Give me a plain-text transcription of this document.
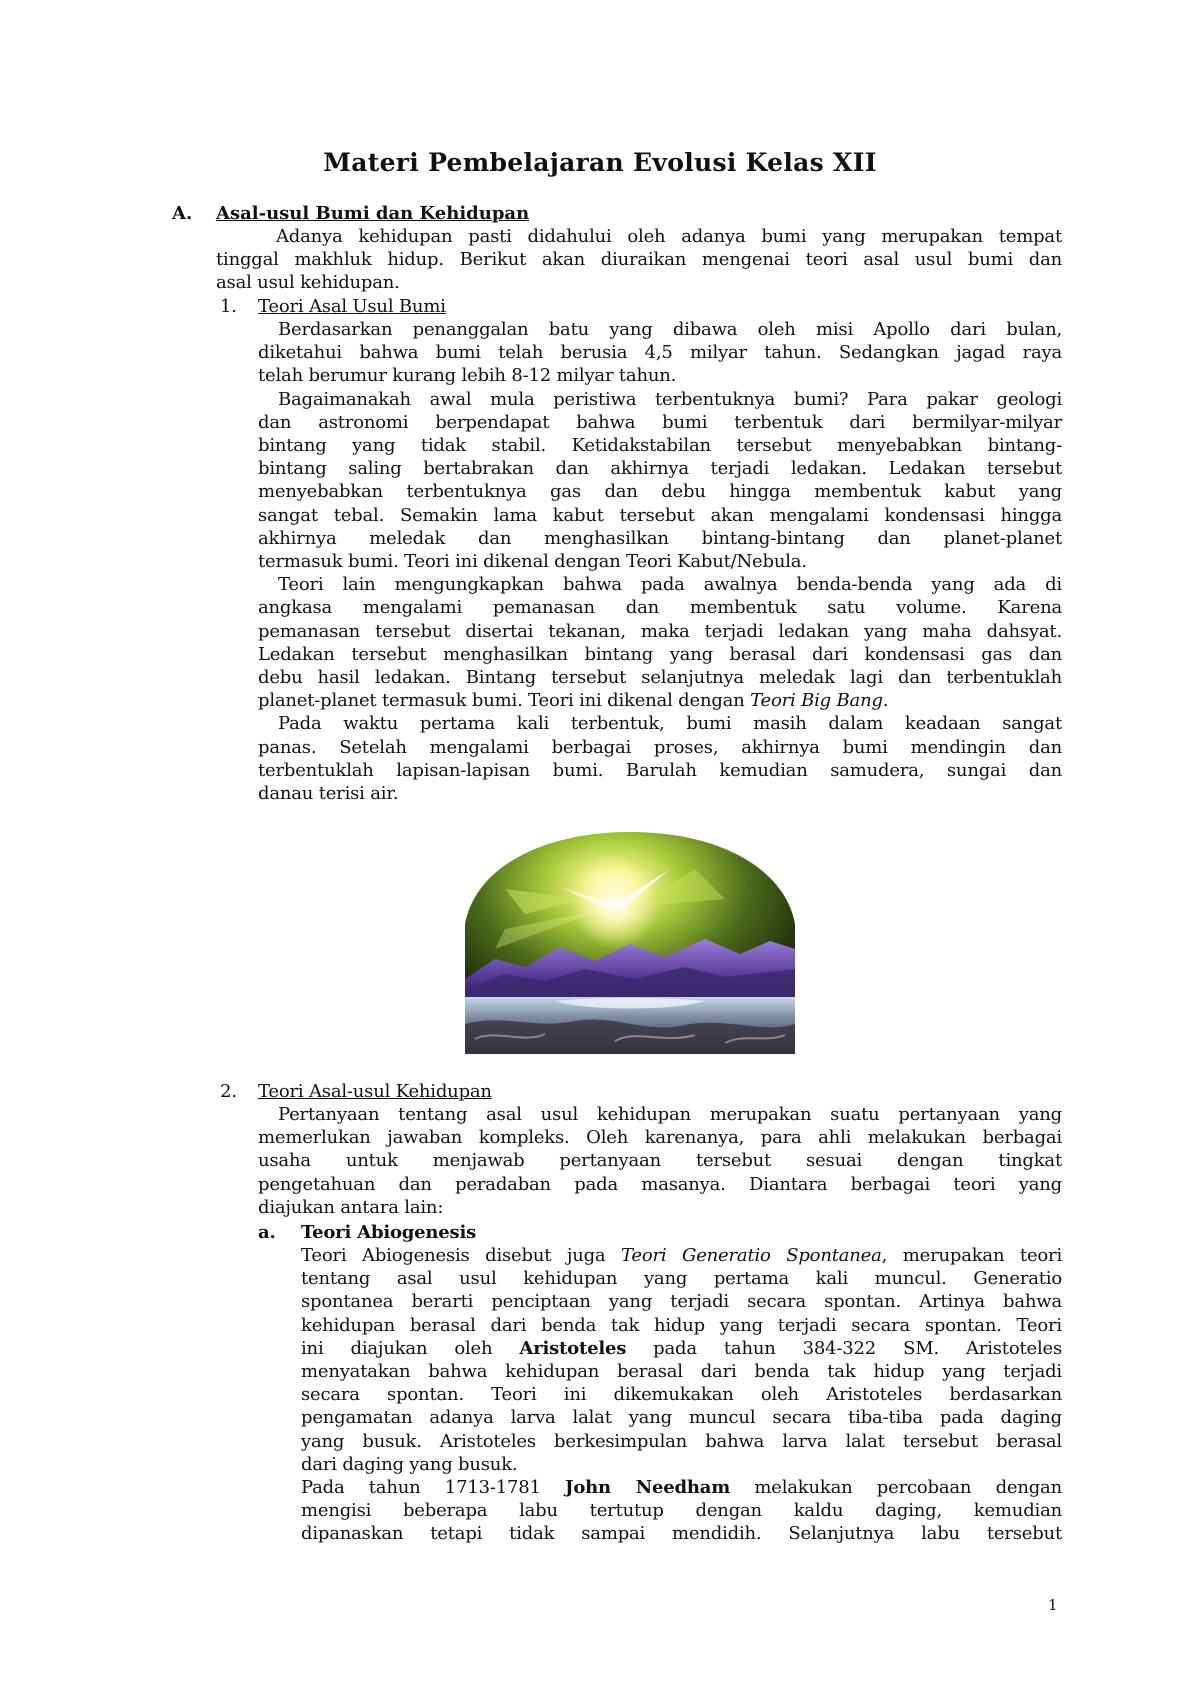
Materi Pembelajaran Evolusi Kelas XII
A. Asal-usul Bumi dan Kehidupan

Adanya kehidupan pasti didahului oleh adanya bumi yang merupakan tempat

tinggal makhluk hidup. Berikut akan diuraikan mengenai teori asal usul bumi dan

asal usul kehidupan.

1. Teori Asal Usul Bumi

Berdasarkan penanggalan batu yang dibawa oleh misi Apollo dari bulan,

diketahui bahwa bumi telah berusia 4,5 milyar tahun. Sedangkan jagad raya

telah berumur kurang lebih 8-12 milyar tahun.

Bagaimanakah awal mula peristiwa terbentuknya bumi? Para pakar geologi

dan astronomi berpendapat bahwa bumi terbentuk dari bermilyar-milyar

bintang yang tidak stabil. Ketidakstabilan tersebut menyebabkan bintang-

bintang saling bertabrakan dan akhirnya terjadi ledakan. Ledakan tersebut

menyebabkan terbentuknya gas dan debu hingga membentuk kabut yang

sangat tebal. Semakin lama kabut tersebut akan mengalami kondensasi hingga

akhirnya meledak dan menghasilkan bintang-bintang dan planet-planet

termasuk bumi. Teori ini dikenal dengan Teori Kabut/Nebula.

Teori lain mengungkapkan bahwa pada awalnya benda-benda yang ada di

angkasa mengalami pemanasan dan membentuk satu volume. Karena

pemanasan tersebut disertai tekanan, maka terjadi ledakan yang maha dahsyat.

Ledakan tersebut menghasilkan bintang yang berasal dari kondensasi gas dan

debu hasil ledakan. Bintang tersebut selanjutnya meledak lagi dan terbentuklah

planet-planet termasuk bumi. Teori ini dikenal dengan Teori Big Bang.

Pada waktu pertama kali terbentuk, bumi masih dalam keadaan sangat

panas. Setelah mengalami berbagai proses, akhirnya bumi mendingin dan

terbentuklah lapisan-lapisan bumi. Barulah kemudian samudera, sungai dan

danau terisi air.

2. Teori Asal-usul Kehidupan

Pertanyaan tentang asal usul kehidupan merupakan suatu pertanyaan yang

memerlukan jawaban kompleks. Oleh karenanya, para ahli melakukan berbagai

usaha untuk menjawab pertanyaan tersebut sesuai dengan tingkat

pengetahuan dan peradaban pada masanya. Diantara berbagai teori yang

diajukan antara lain:

a. Teori Abiogenesis

Teori Abiogenesis disebut juga Teori Generatio Spontanea, merupakan teori

tentang asal usul kehidupan yang pertama kali muncul. Generatio

spontanea berarti penciptaan yang terjadi secara spontan. Artinya bahwa

kehidupan berasal dari benda tak hidup yang terjadi secara spontan. Teori

ini diajukan oleh Aristoteles pada tahun 384-322 SM. Aristoteles

menyatakan bahwa kehidupan berasal dari benda tak hidup yang terjadi

secara spontan. Teori ini dikemukakan oleh Aristoteles berdasarkan

pengamatan adanya larva lalat yang muncul secara tiba-tiba pada daging

yang busuk. Aristoteles berkesimpulan bahwa larva lalat tersebut berasal

dari daging yang busuk.

Pada tahun 1713-1781 John Needham melakukan percobaan dengan

mengisi beberapa labu tertutup dengan kaldu daging, kemudian

dipanaskan tetapi tidak sampai mendidih. Selanjutnya labu tersebut

1
